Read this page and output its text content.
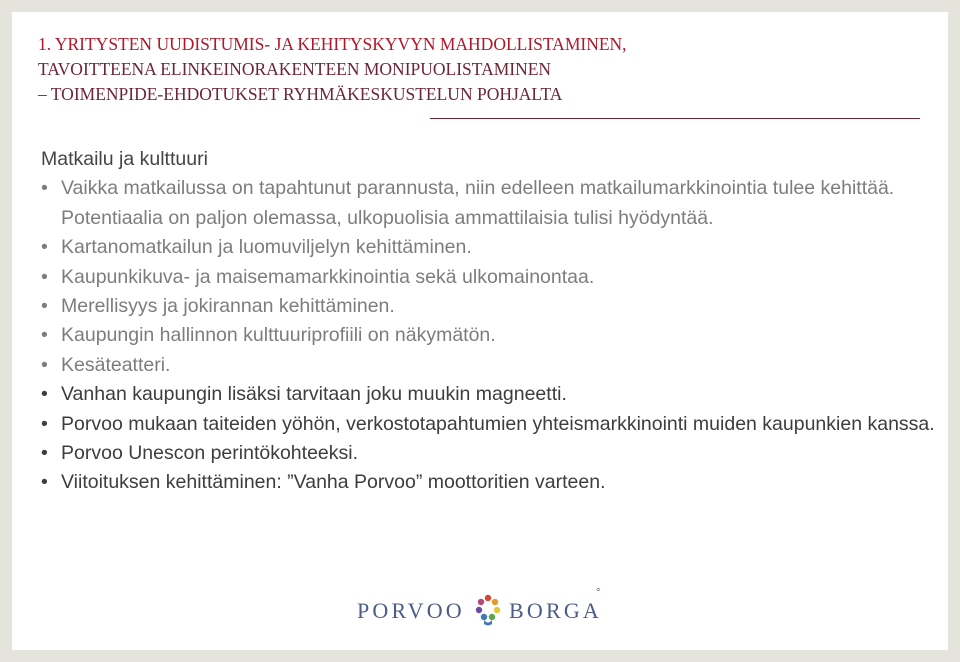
1. YRITYSTEN UUDISTUMIS- JA KEHITYSKYVYN MAHDOLLISTAMINEN,
TAVOITTEENA ELINKEINORAKENTEEN MONIPUOLISTAMINEN
– TOIMENPIDE-EHDOTUKSET RYHMÄKESKUSTELUN POHJALTA
Matkailu ja kulttuuri
• Vaikka matkailussa on tapahtunut parannusta, niin edelleen matkailumarkkinointia tulee kehittää. Potentiaalia on paljon olemassa, ulkopuolisia ammattilaisia tulisi hyödyntää.
• Kartanomatkailun ja luomuviljelyn kehittäminen.
• Kaupunkikuva- ja maisemamarkkinointia sekä ulkomainontaa.
• Merellisyys ja jokirannan kehittäminen.
• Kaupungin hallinnon kulttuuriprofiili on näkymätön.
• Kesäteatteri.
• Vanhan kaupungin lisäksi tarvitaan joku muukin magneetti.
• Porvoo mukaan taiteiden yöhön, verkostotapahtumien yhteismarkkinointi muiden kaupunkien kanssa.
• Porvoo Unescon perintökohteeksi.
• Viitoituksen kehittäminen: ”Vanha Porvoo” moottoritien varteen.
PORVOO BORGA
°
